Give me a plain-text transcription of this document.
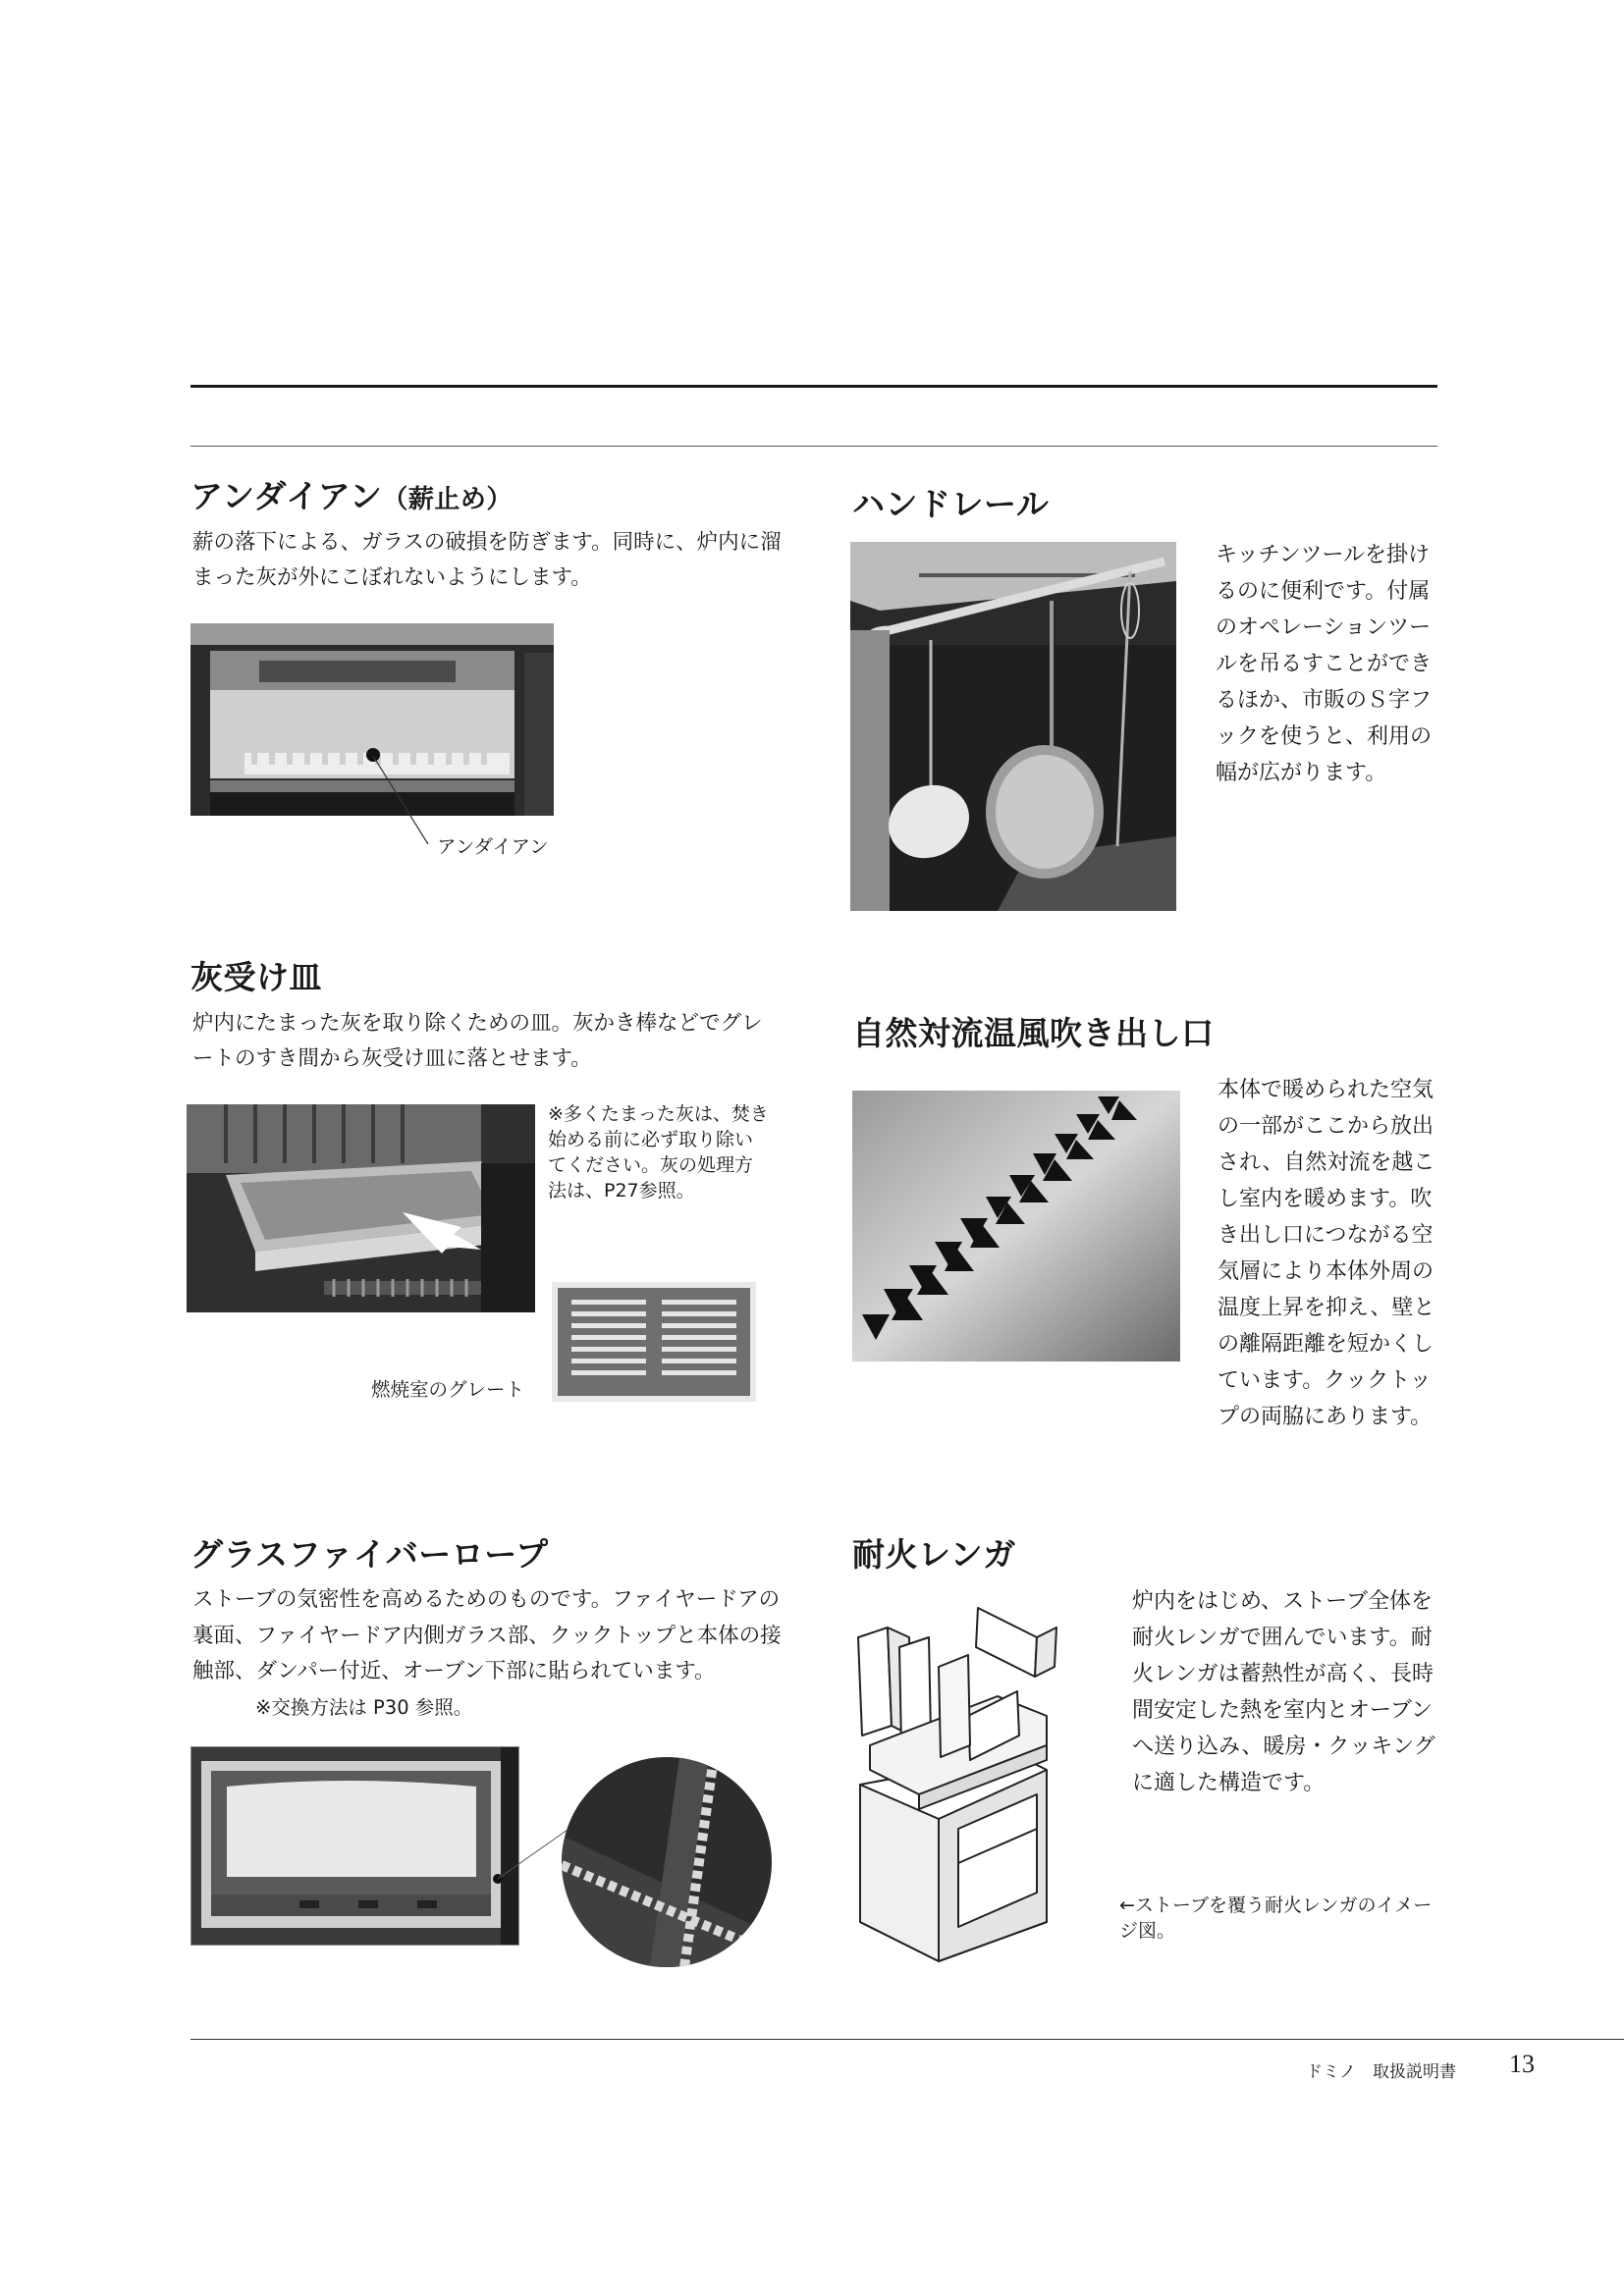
アンダイアン（薪止め）
薪の落下による、ガラスの破損を防ぎます。同時に、炉内に溜まった灰が外にこぼれないようにします。
アンダイアン
灰受け皿
炉内にたまった灰を取り除くための皿。灰かき棒などでグレートのすき間から灰受け皿に落とせます。
※多くたまった灰は、焚き始める前に必ず取り除いてください。灰の処理方法は、P27参照。
燃焼室のグレート
グラスファイバーロープ
ストーブの気密性を高めるためのものです。ファイヤードアの裏面、ファイヤードア内側ガラス部、クックトップと本体の接触部、ダンパー付近、オーブン下部に貼られています。※交換方法は P30 参照。
ハンドレール
キッチンツールを掛けるのに便利です。付属のオペレーションツールを吊るすことができるほか、市販のＳ字フックを使うと、利用の幅が広がります。
自然対流温風吹き出し口
本体で暖められた空気の一部がここから放出され、自然対流を越こし室内を暖めます。吹き出し口につながる空気層により本体外周の温度上昇を抑え、壁との離隔距離を短かくしています。クックトップの両脇にあります。
耐火レンガ
炉内をはじめ、ストーブ全体を耐火レンガで囲んでいます。耐火レンガは蓄熱性が高く、長時間安定した熱を室内とオーブンへ送り込み、暖房・クッキングに適した構造です。
←ストーブを覆う耐火レンガのイメージ図。
ドミノ　取扱説明書 13
